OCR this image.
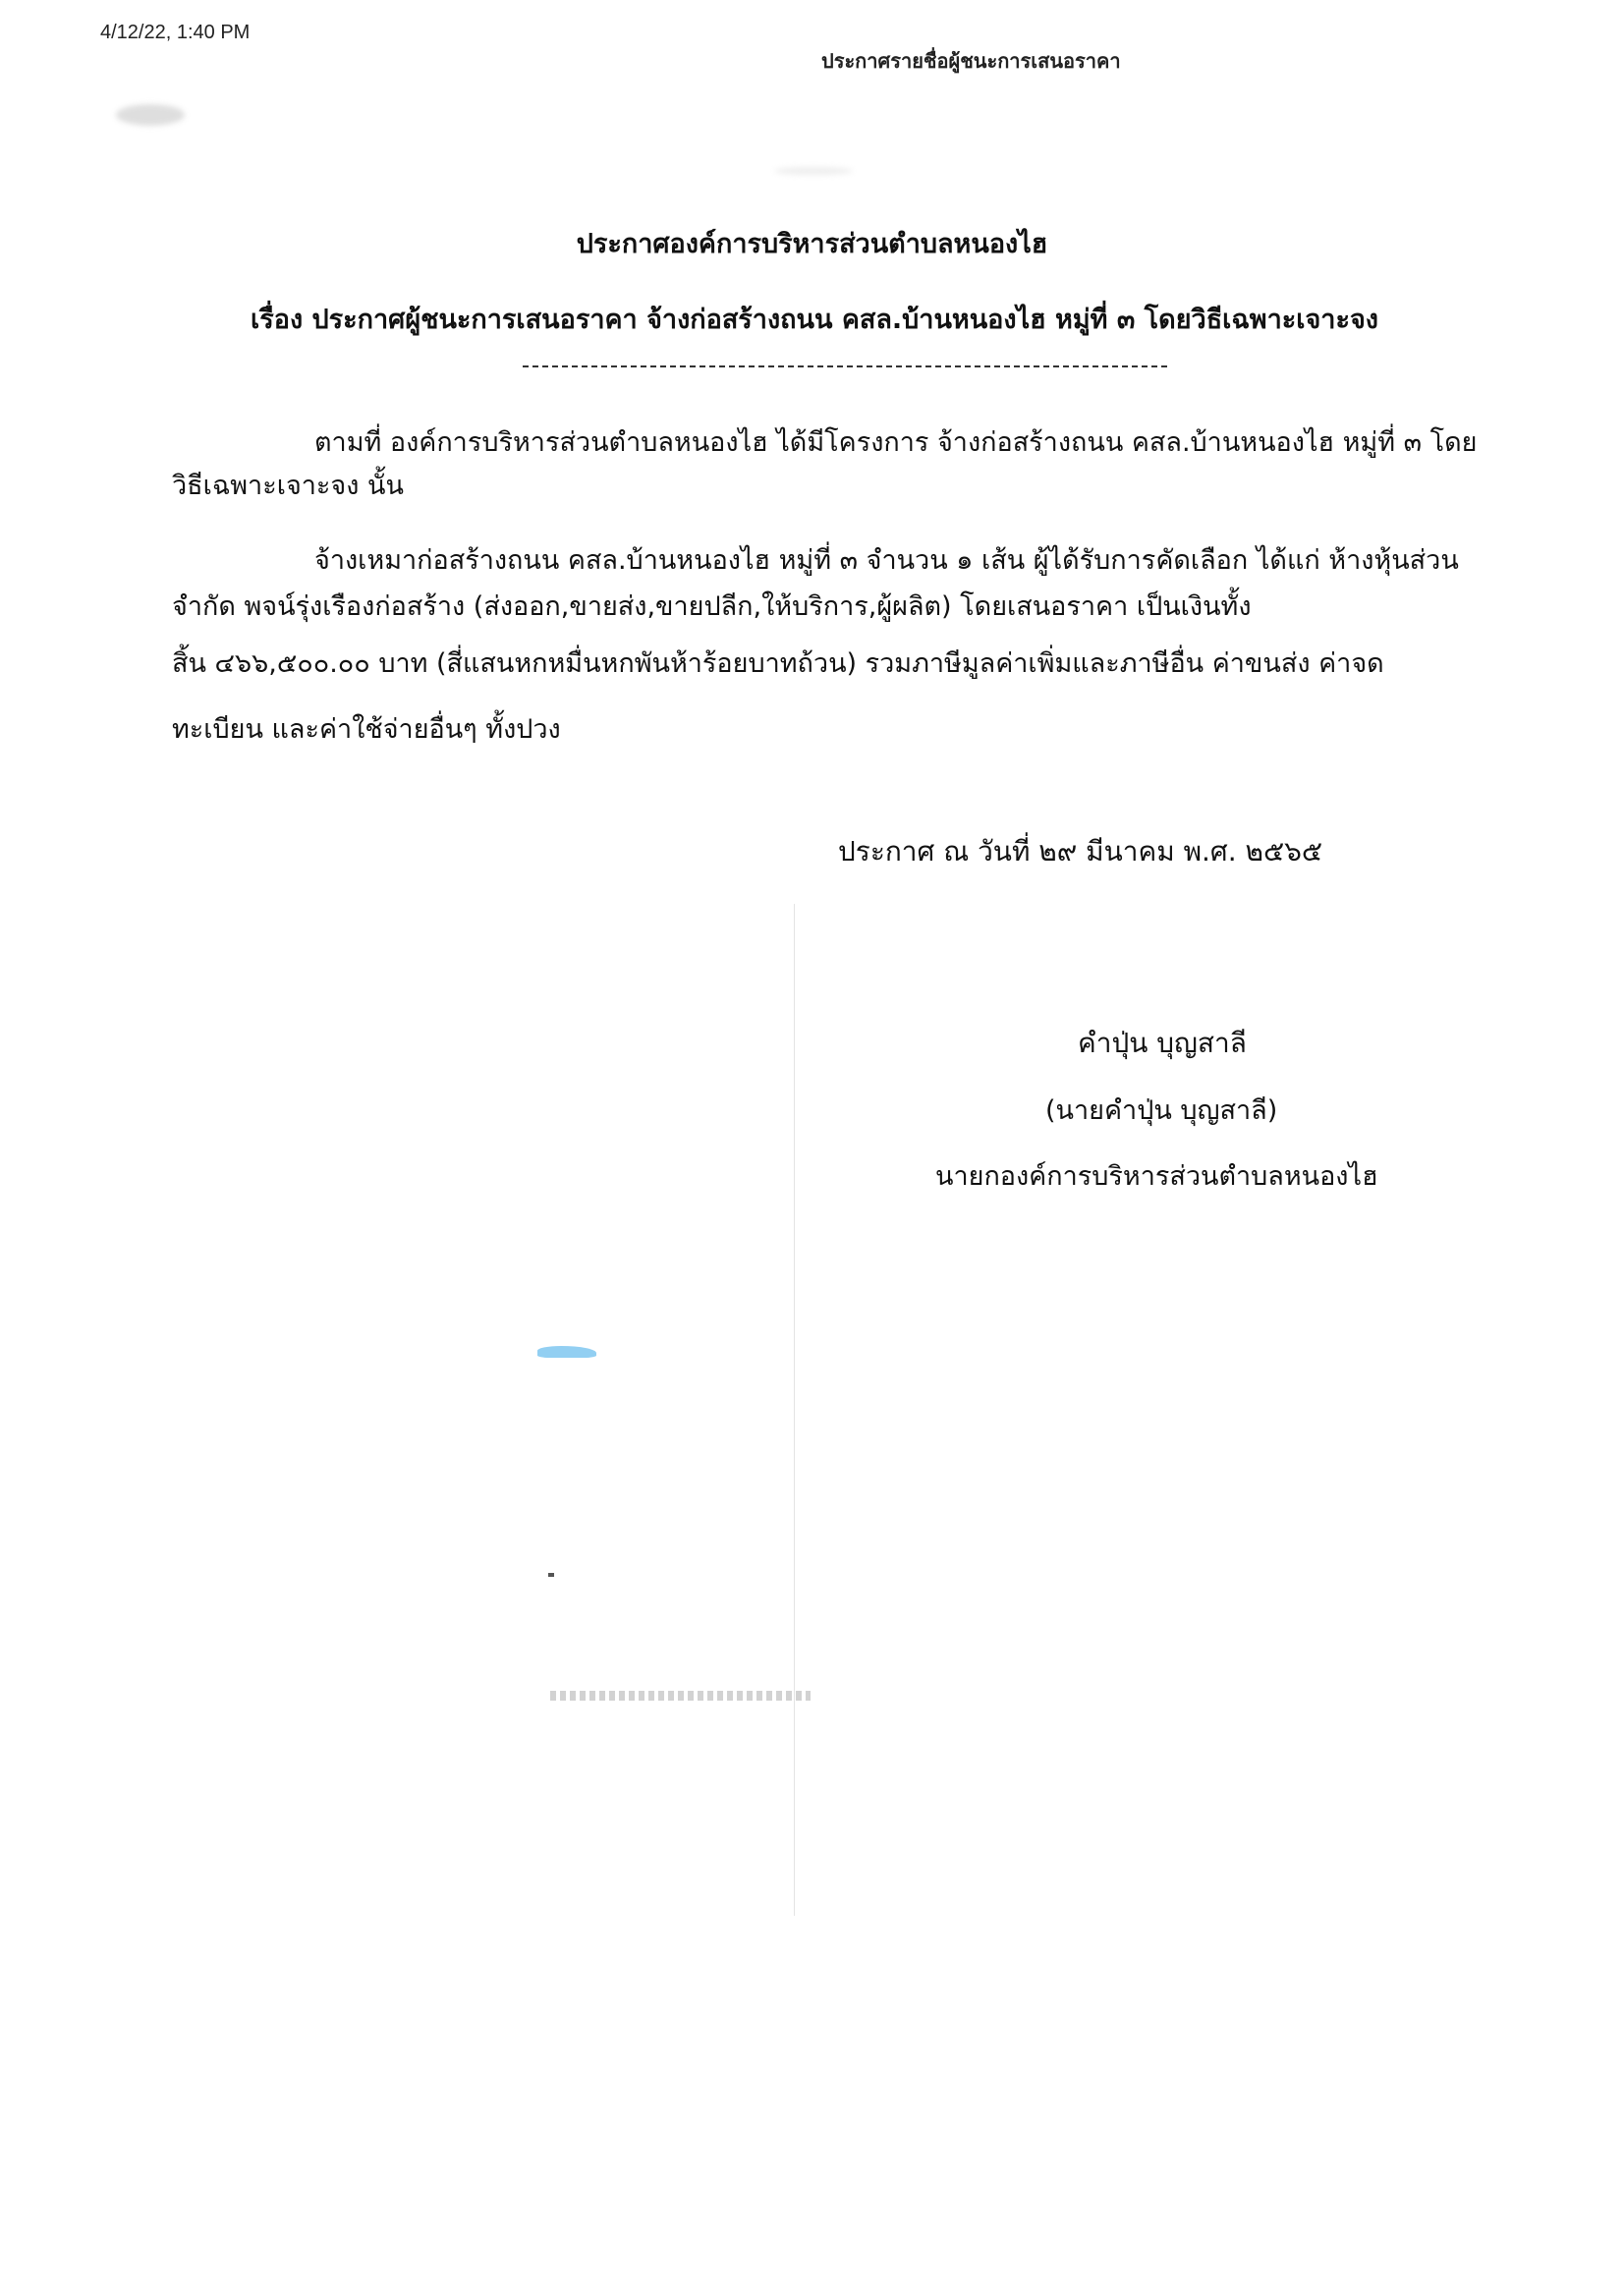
4/12/22, 1:40 PM
ประกาศรายชื่อผู้ชนะการเสนอราคา
ประกาศองค์การบริหารส่วนตำบลหนองไฮ
เรื่อง ประกาศผู้ชนะการเสนอราคา จ้างก่อสร้างถนน คสล.บ้านหนองไฮ หมู่ที่ ๓ โดยวิธีเฉพาะเจาะจง
ตามที่ องค์การบริหารส่วนตำบลหนองไฮ ได้มีโครงการ จ้างก่อสร้างถนน คสล.บ้านหนองไฮ หมู่ที่ ๓ โดย
วิธีเฉพาะเจาะจง นั้น
จ้างเหมาก่อสร้างถนน คสล.บ้านหนองไฮ หมู่ที่ ๓ จำนวน ๑ เส้น ผู้ได้รับการคัดเลือก ได้แก่ ห้างหุ้นส่วน
จำกัด พจน์รุ่งเรืองก่อสร้าง (ส่งออก,ขายส่ง,ขายปลีก,ให้บริการ,ผู้ผลิต) โดยเสนอราคา เป็นเงินทั้ง
สิ้น ๔๖๖,๕๐๐.๐๐ บาท (สี่แสนหกหมื่นหกพันห้าร้อยบาทถ้วน) รวมภาษีมูลค่าเพิ่มและภาษีอื่น ค่าขนส่ง ค่าจด
ทะเบียน และค่าใช้จ่ายอื่นๆ ทั้งปวง
ประกาศ ณ วันที่ ๒๙ มีนาคม พ.ศ. ๒๕๖๕
คำปุ่น บุญสาลี
(นายคำปุ่น บุญสาลี)
นายกองค์การบริหารส่วนตำบลหนองไฮ
